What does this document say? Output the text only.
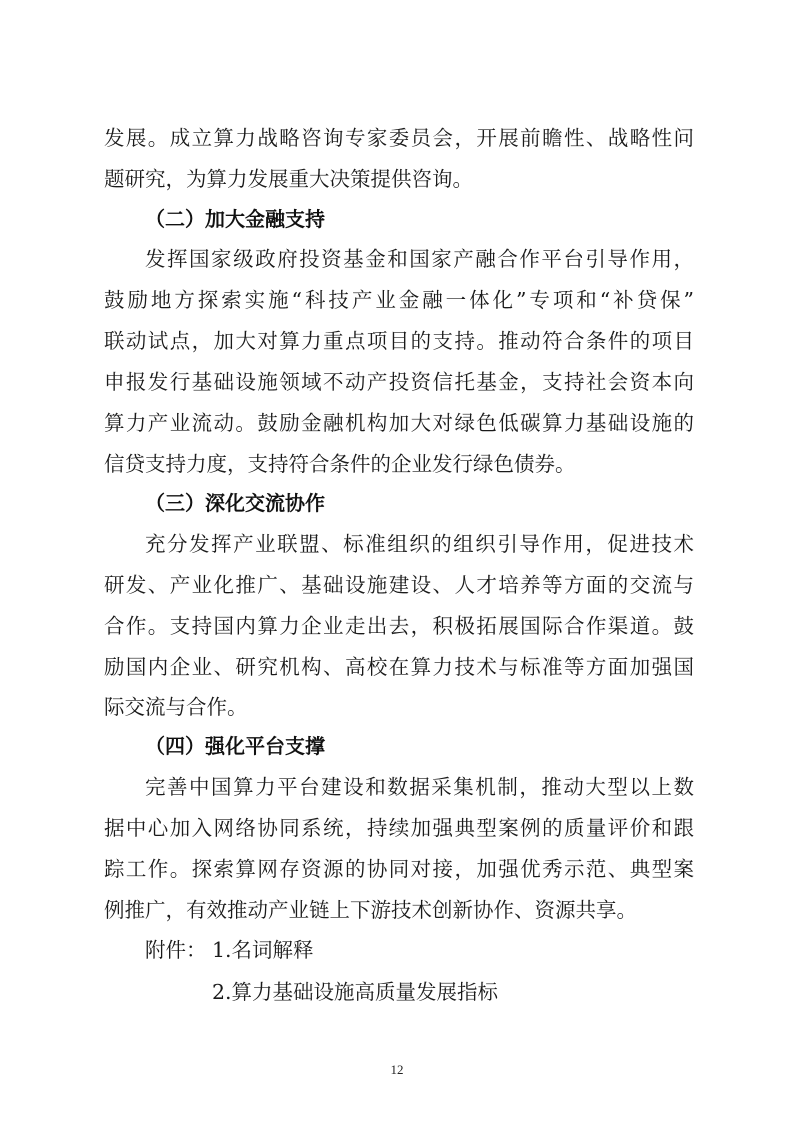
发展。成立算力战略咨询专家委员会，开展前瞻性、战略性问
题研究，为算力发展重大决策提供咨询。
（二）加大金融支持
发挥国家级政府投资基金和国家产融合作平台引导作用，
鼓励地方探索实施“科技产业金融一体化”专项和“补贷保”
联动试点，加大对算力重点项目的支持。推动符合条件的项目
申报发行基础设施领域不动产投资信托基金，支持社会资本向
算力产业流动。鼓励金融机构加大对绿色低碳算力基础设施的
信贷支持力度，支持符合条件的企业发行绿色债券。
（三）深化交流协作
充分发挥产业联盟、标准组织的组织引导作用，促进技术
研发、产业化推广、基础设施建设、人才培养等方面的交流与
合作。支持国内算力企业走出去，积极拓展国际合作渠道。鼓
励国内企业、研究机构、高校在算力技术与标准等方面加强国
际交流与合作。
（四）强化平台支撑
完善中国算力平台建设和数据采集机制，推动大型以上数
据中心加入网络协同系统，持续加强典型案例的质量评价和跟
踪工作。探索算网存资源的协同对接，加强优秀示范、典型案
例推广，有效推动产业链上下游技术创新协作、资源共享。
附件： 1.名词解释
2.算力基础设施高质量发展指标
12
